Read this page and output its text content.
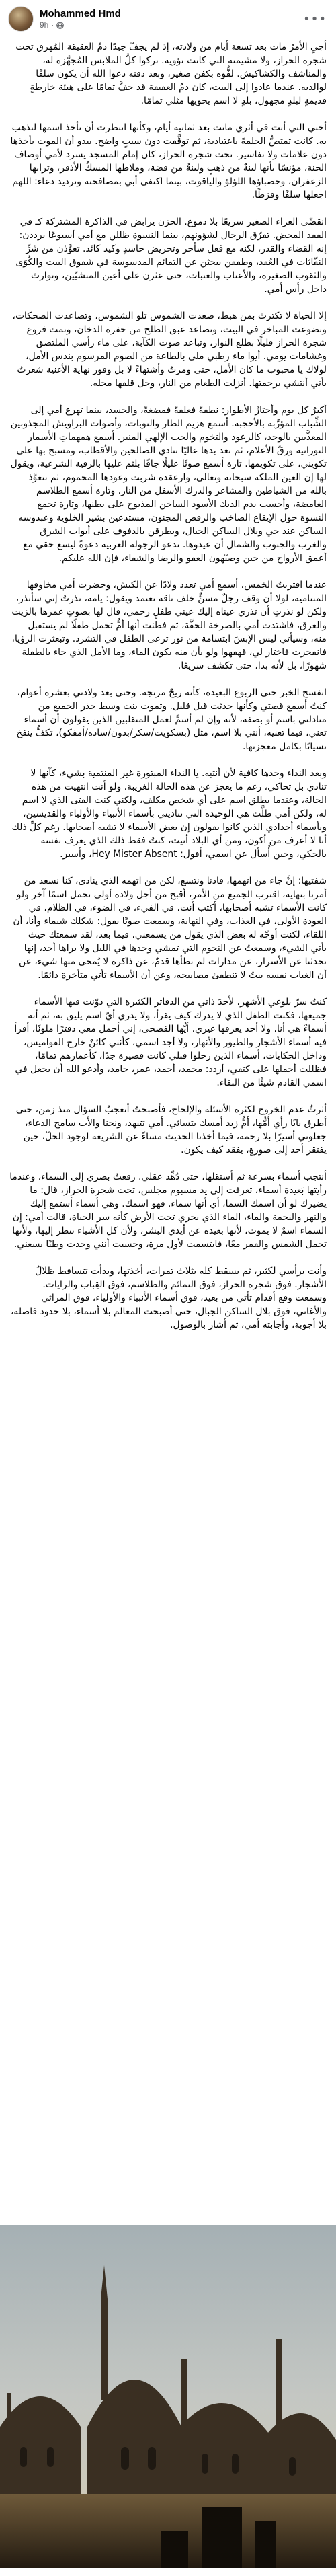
Mohammed Hmd
9h ·	•••

أجيِ الأمرُ مات بعد تسعة أيام من ولادته، إذ لم يجفّ جيدًا دمُ العقيقة المُهرق تحت شجرة الحراز، ولا مشيمته التي كانت تؤويه. تركوا كلَّ الملابس المُجهَّزة له، والمناشف والكشاكيش. لفُّوه بكفن صغير، وبعد دفنه دعوا الله أن يكون سلفًا لوالديه. عندما عادوا إلى البيت، كان دمُ العقيقة قد جفَّ تمامًا على هيئة خارطةٍ قديمةٍ لبلدٍ مجهول، بلدٍ لا اسم يحويها مثلي تمامًا.

أختي التي أتت في أثري ماتت بعد ثمانية أيام، وكأنها انتظرت أن تأخذ اسمها لتذهب به. كانت تمتصُّ الحلمةَ باعتيادية، ثم توقَّفت دون سببٍ واضح. يبدو أن الموت يأخذها دون علامات ولا تفاسير. تحت شجرة الحراز، كان إمام المسجد يسرد لأمي أوصاف الجنة، مؤنسًا بأنها لبنةٌ من ذهبٍ ولبنةٌ من فضة، وملاطها المسكُ الأذفر، وترابها الزعفران، وحصباؤها اللؤلؤ والياقوت، بينما اكتفى أبي بمصافحته وترديد دعاء: اللهم اجعلها سلفًا وفرَطًا.

انقضّى العزاء الصغير سريعًا بلا دموع. الحزن يرابض في الذاكرة المشتركة كـ في الفقد المحض. تفرّق الرجال لشؤونهم، بينما النسوة ظللن مع أمي أسبوعًا يرددن: إنه القضاء والقدر، لكنه مع فعل سأحر وتحريض حاسدٍ وكيد كائد. تعوَّذن من شرِّ النفّاثات في العُقد، وطفقن يبحثن عن التمائم المدسوسة في شقوق البيت والكُوَى والثقوب الصغيرة، والأعتاب والعتبات، حتى عثرن على أعين المتشيّين، وتوارث داخل رأس أمي.

إلا الحياة لا تكترث بمن هبط، صعدت الشموس تلو الشموس، وتصاعدت الصحكات، وتضوعت المباخر في البيت، وتصاعد عبق الطلح من حفرة الدخان، ونمت فروع شجرة الحراز قليلًا بطلع النوار، وتباعد صوت الكآبة، على ماء رأسي الملتصق وغشامات يومي. أيوا ماء رطبي ملى بالطاعة من الصوم المرسوم بندس الأمل، لولاك يا محبوب ما كان الأمل، حتى ومرتُ وأشتهاءً لا بل وفور نهاية الأغنية شعرتُ بأني أنتشي برحمتها. أنزلت الطعام من النار، وحل قلقها محله.

أكبرُ كل يوم وأجتازُ الأطوار: نطفةً فعلقةً فمضغةً، والجسد، بينما تهرع أمي إلى الشِّباب المؤرَّبة بالأحجبة. أسمع هزيم الطار والنوبات، وأصوات البراويش المجذوبين المعذَّبين بالوجد، كالرعود والتخوم والحب الإلهي المنير. أسمع همهماتِ الأسمار النورانية ورقّ الأعلام، ثم نعد بدها عاليًا تنادي الصالحين والأقطاب، ومسبح بها على تكويني، على تكويمها. تارة أسمع صوتًا عليلًا جافًا بلثم عليها بالرقية الشرعية، ويقول لها إن العين الملكة سبحانه وتعالى، وارعقدة شربت وعودها المحموم، ثم تتعوَّذ بالله من الشياطين والمشاعر والدرك الأسفل من النار، وتارة أسمع الطلاسم الغامضة، وأحسب بدم الديك الأسود الساخن المذبوح على بطنها، وتارة تجمع النسوة حول الإيقاع الصاخب والرقص المجنون، مستدعين بشير الخلوية وعبدوسه الساكن عند حي وبلال الساكن الجبال، ويطرقن بالدفوف على أبواب الشرق والغرب والجنوب والشمال أن عيدوها. تدعو الرجولة العربية دعوةً ليسع حقي مع أعمق الأرواح من حين وصيّهون العفو والرضا والشفاء، فإن الله عليكم.

عندما اقتربتُ الخمس، أسمع أمي تعدد ولادًا عن الكيش، وحضرت أمي مخاوفها المتنامية، لولا أن وقف رجلٌ مسنٌّ خلف ناقة نعتمد ويقول: يامه، نذرتُ إني سأنذر، ولكن لو نذرتِ أن تذري عيناه إليك عيني طفلٍ رحمي، قال لها بصوتٍ غمرها بالزيت والعرق، فاشتدت أمي بالصرخة الحقَّة، ثم فطنت أنها أمُّ تحمل طفلًا لم يستقبل منه، وسيأتي ليس الإبسَ ابتسامة من نور ترعى الطفل في التشرد. وتبعثرت الرؤيا، فانفجرت فاختار لي، قهقهوا ولو بأن منه يكون الماء، وما الأمل الذي جاء بالطفلة شهورًا، بل لأنه بدا، حتى تكشف سريعًا.

انفسح الخبر حتى الربوع البعيدة، كأنه ريحٌ مرتجة. وحتى بعد ولادتي بعشرة أعوام، كنتُ أسمع قصتي وكأنها حدثت قبل قليل. وتموت بنت وسط حذر الجميع من منادلتي باسم أو بصفة، لأنه وإن لم أسمَّ لعمل المتقلبين الذين يقولون أن أسماء تعني، فيما تعنيه، أنني بلا اسم، مثل (بسكويت/سكر/بدون/ساده/أمفكو)، تكفُّ ينفخ نسيانًا بكامل معجزتها.

وبعد النداء وحدها كافية لأن أنتبه. يا النداء المبتورة غير المنتمية بشيء، كآنها لا تنادي بل تحاكي، رغم ما يعجز عن هذه الحالة الغريبة. ولو أنت انتهيت من هذه الحالة، وعندما يطلق اسم على أي شخص مكلف، ولكني كنت الفتى الذي لا اسم له، ولكن أمي ظلَّت هي الوحيدة التي تناديني بأسماء الأنبياء والأولياء والقديسين، وبأسماء أجدادي الذين كانوا يقولون إن بعض الأسماء لا تشبه أصحابها. رغم كلِّ ذلك أنا لا أعرف من أكون، ومن أي البلاد أتيت، كنتُ فقط ذلك الذي يعرف نفسه بالحكي، وحين أُسأل عن اسمي، أقول: Hey Mister Absent، وأسير.

شفتيها: إنَّ جاء من اتهمها، قادنا ونتسع، لكن من اتهمه الذي ينادى، كنا نسعد من أمرنا بنهاية، اقترب الجميع من الأمر، أقبح من أجل ولادة أولى تحمل اسمًا آخر ولو كانت الأسماء تشبه أصحابها، أكتب أنت، في الفيء، في الضوء، في الظلام، في العودة الأولى، في العذاب، وفي النهاية، وسمعت صوتًا يقول: شكلك شيماء وأنا، أن اللقاء، لكنت أوجّه له بعض الذي يقول من يسمعني، فيما بعد، لقد سمعتك حيث يأتي الشيء، وسمعتُ عن النجوم التي تمشي وحدها في الليل ولا يراها أحد، إنها تحدثنا عن الأسرار، عن مدارات لم تطأها قدمٌ، عن ذاكرة لا يُمحى منها شيء، عن أن الغياب نفسه بيتٌ لا تنطفئ مصابيحه، وعن أن الأسماء تأتي متأخرة دائمًا.

كنتُ سرّ بلوغي الأشهر، لأجدَ ذاتي من الدفاتر الكثيرة التي دوّنت فيها الأسماء جميعها، فكنت الطفل الذي لا يدرك كيف يقرأ، ولا يدري أيّ اسم يليق به، ثم أنه أسماءٌ هي أنا، ولا أحد يعرفها غيري. أيُّها الفصحى، إني أحمل معي دفترًا ملونًا، أقرأ فيه أسماء الأشجار والطيور والأنهار، ولا أجد اسمي، كأنني كائنٌ خارج القواميس، وداخل الحكايات، أسماء الذين رحلوا قبلي كانت قصيرة جدًا، كأعمارهم تمامًا، فظللت أحملها على كتفي، أردد: محمد، أحمد، عمر، حامد، وأدعو الله أن يجعل في اسمي القادم شيئًا من البقاء.

أثرثُ عدم الخروج لكثرة الأسئلة والإلحاح، فأصبحتُ أتعجبُ السؤال منذ زمن، حتى أطرق بابًا رأي أمُّها، أمُّ زيد أمسك بتسائي. أمي تتنهد، ونحنا والأب سامح الدعاء، جعلوني أسيرًا بلا رحمة، فيما أخذنا الحديث مساءً عن الشريعة لوجود الحلّ، حين يفتقر أحد إلى صورةٍ، يفقد كيف يكون.

أنتجب أسماء بسرعة ثم أستقلها، حتى دُهِّد عقلي. رفعتُ بصري إلى السماء، وعندما رأيتها بَعيدة أسماء، تعرفت إلى يد مسبوم مجلس، تحت شجرة الحراز، قال: ما يضيرك لو أن اسمك السما، أي أنها سماء. فهو اسمك. وهي أسماء أستمع إليك والنهر والنجمة والماء، الماء الذي يجري تحت الأرض كأنه سر الحياة، قالت أمي: إن السماء اسمٌ لا يموت، لأنها بعيدة عن أيدي البشر، ولأن كل الأشياء تنظر إليها، ولأنها تحمل الشمس والقمر معًا، فابتسمت لأول مرة، وحسبت أنني وجدت وطنًا يسعني.

وأنت برأسي لكثير، ثم يسقط كله بثلاث تمرات، أخذتها، وبدأت تتساقط ظلالُ الأشجار. فوق شجرة الحراز، فوق التمائم والطلاسم، فوق القِباب والرايات. وسمعت وقع أقدام تأتي من بعيد، فوق أسماء الأنبياء والأولياء، فوق المراثي والأغاني، فوق بلال الساكن الجبال، حتى أصبحت المعالم بلا أسماء، بلا حدود فاصلة، بلا أجوبة، وأجابته أمي، ثم أشار بالوصول.
